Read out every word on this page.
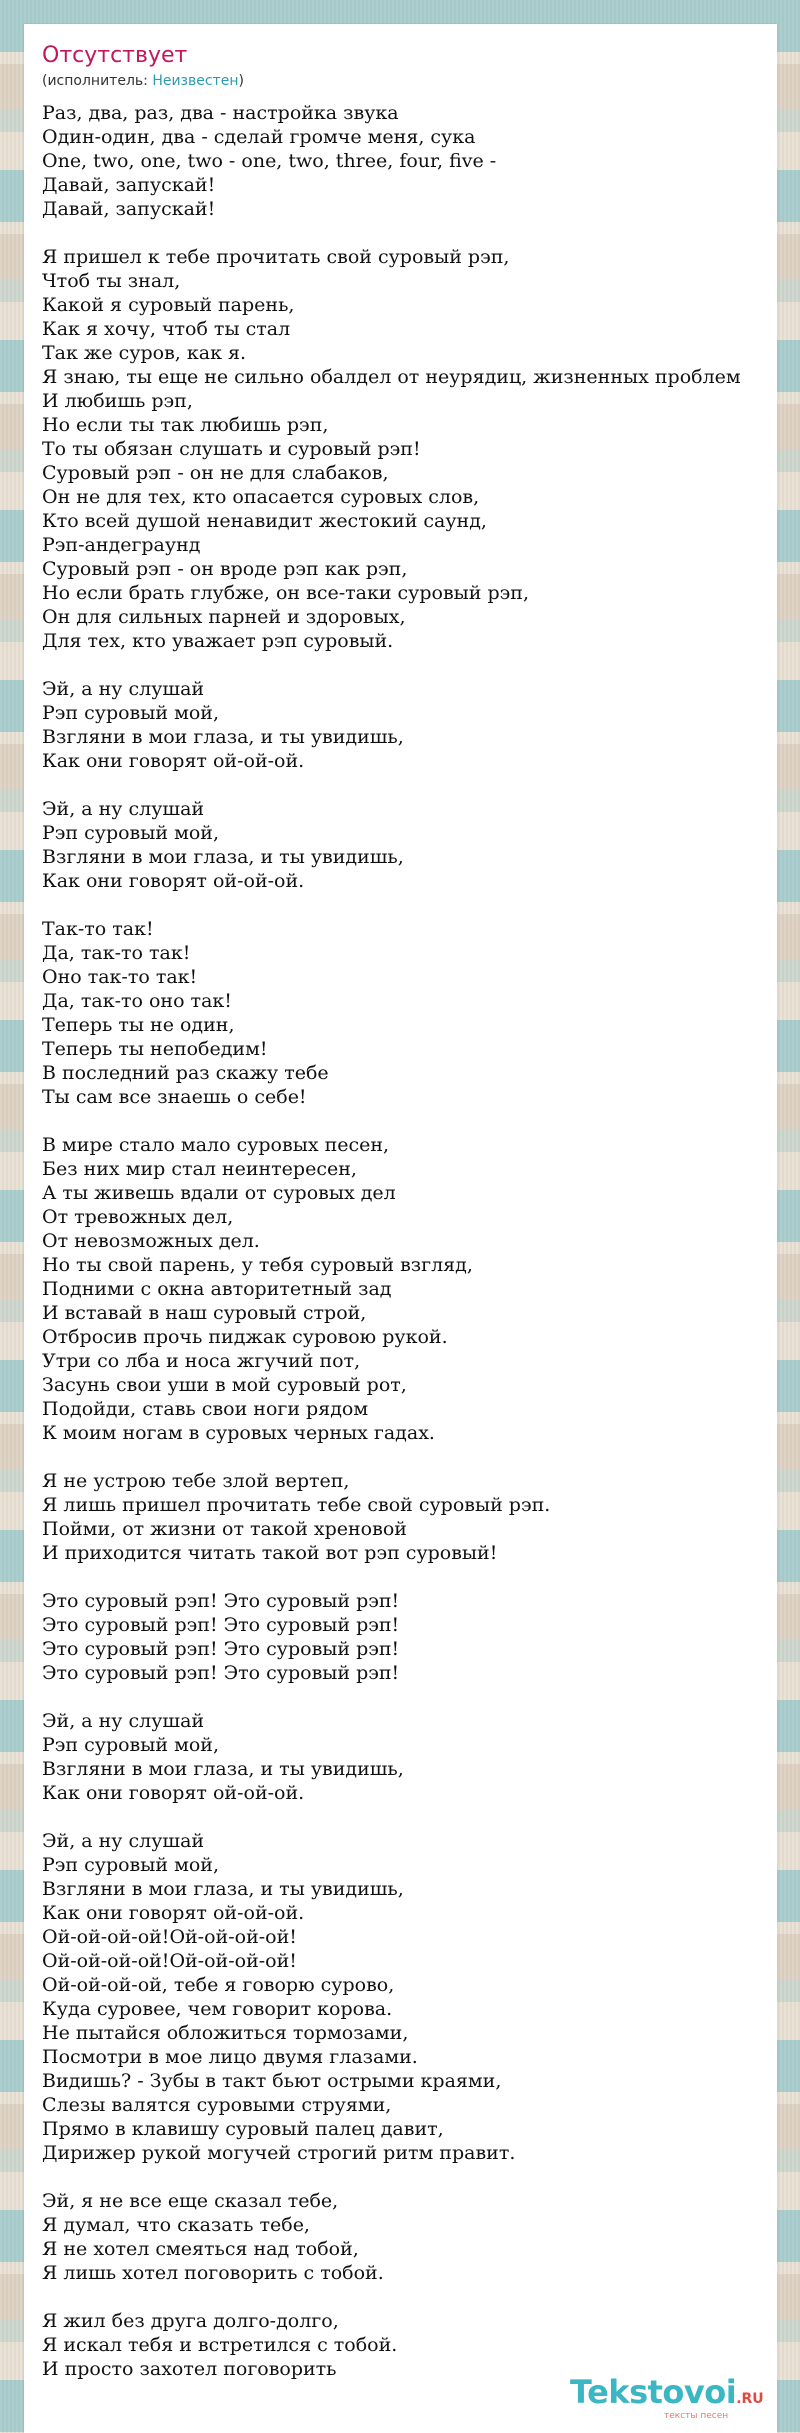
Отсутствует
(исполнитель: Неизвестен)
Раз, два, раз, два - настройка звука
Один-один, два - сделай громче меня, сука
One, two, one, two - one, two, three, four, five -
Давай, запускай!
Давай, запускай!
Я пришел к тебе прочитать свой суровый рэп,
Чтоб ты знал,
Какой я суровый парень,
Как я хочу, чтоб ты стал
Так же суров, как я.
Я знаю, ты еще не сильно обалдел от неурядиц, жизненных проблем
И любишь рэп,
Но если ты так любишь рэп,
То ты обязан слушать и суровый рэп!
Суровый рэп - он не для слабаков,
Он не для тех, кто опасается суровых слов,
Кто всей душой ненавидит жестокий саунд,
Рэп-андеграунд
Суровый рэп - он вроде рэп как рэп,
Но если брать глубже, он все-таки суровый рэп,
Он для сильных парней и здоровых,
Для тех, кто уважает рэп суровый.
Эй, а ну слушай
Рэп суровый мой,
Взгляни в мои глаза, и ты увидишь,
Как они говорят ой-ой-ой.
Эй, а ну слушай
Рэп суровый мой,
Взгляни в мои глаза, и ты увидишь,
Как они говорят ой-ой-ой.
Так-то так!
Да, так-то так!
Оно так-то так!
Да, так-то оно так!
Теперь ты не один,
Теперь ты непобедим!
В последний раз скажу тебе
Ты сам все знаешь о себе!
В мире стало мало суровых песен,
Без них мир стал неинтересен,
А ты живешь вдали от суровых дел
От тревожных дел,
От невозможных дел.
Но ты свой парень, у тебя суровый взгляд,
Подними с окна авторитетный зад
И вставай в наш суровый строй,
Отбросив прочь пиджак суровою рукой.
Утри со лба и носа жгучий пот,
Засунь свои уши в мой суровый рот,
Подойди, ставь свои ноги рядом
К моим ногам в суровых черных гадах.
Я не устрою тебе злой вертеп,
Я лишь пришел прочитать тебе свой суровый рэп.
Пойми, от жизни от такой хреновой
И приходится читать такой вот рэп суровый!
Это суровый рэп! Это суровый рэп!
Это суровый рэп! Это суровый рэп!
Это суровый рэп! Это суровый рэп!
Это суровый рэп! Это суровый рэп!
Эй, а ну слушай
Рэп суровый мой,
Взгляни в мои глаза, и ты увидишь,
Как они говорят ой-ой-ой.
Эй, а ну слушай
Рэп суровый мой,
Взгляни в мои глаза, и ты увидишь,
Как они говорят ой-ой-ой.
Ой-ой-ой-ой!Ой-ой-ой-ой!
Ой-ой-ой-ой!Ой-ой-ой-ой!
Ой-ой-ой-ой, тебе я говорю сурово,
Куда суровее, чем говорит корова.
Не пытайся обложиться тормозами,
Посмотри в мое лицо двумя глазами.
Видишь? - Зубы в такт бьют острыми краями,
Слезы валятся суровыми струями,
Прямо в клавишу суровый палец давит,
Дирижер рукой могучей строгий ритм правит.
Эй, я не все еще сказал тебе,
Я думал, что сказать тебе,
Я не хотел смеяться над тобой,
Я лишь хотел поговорить с тобой.
Я жил без друга долго-долго,
Я искал тебя и встретился с тобой.
И просто захотел поговорить
Tekstovoi.RU
тексты песен
